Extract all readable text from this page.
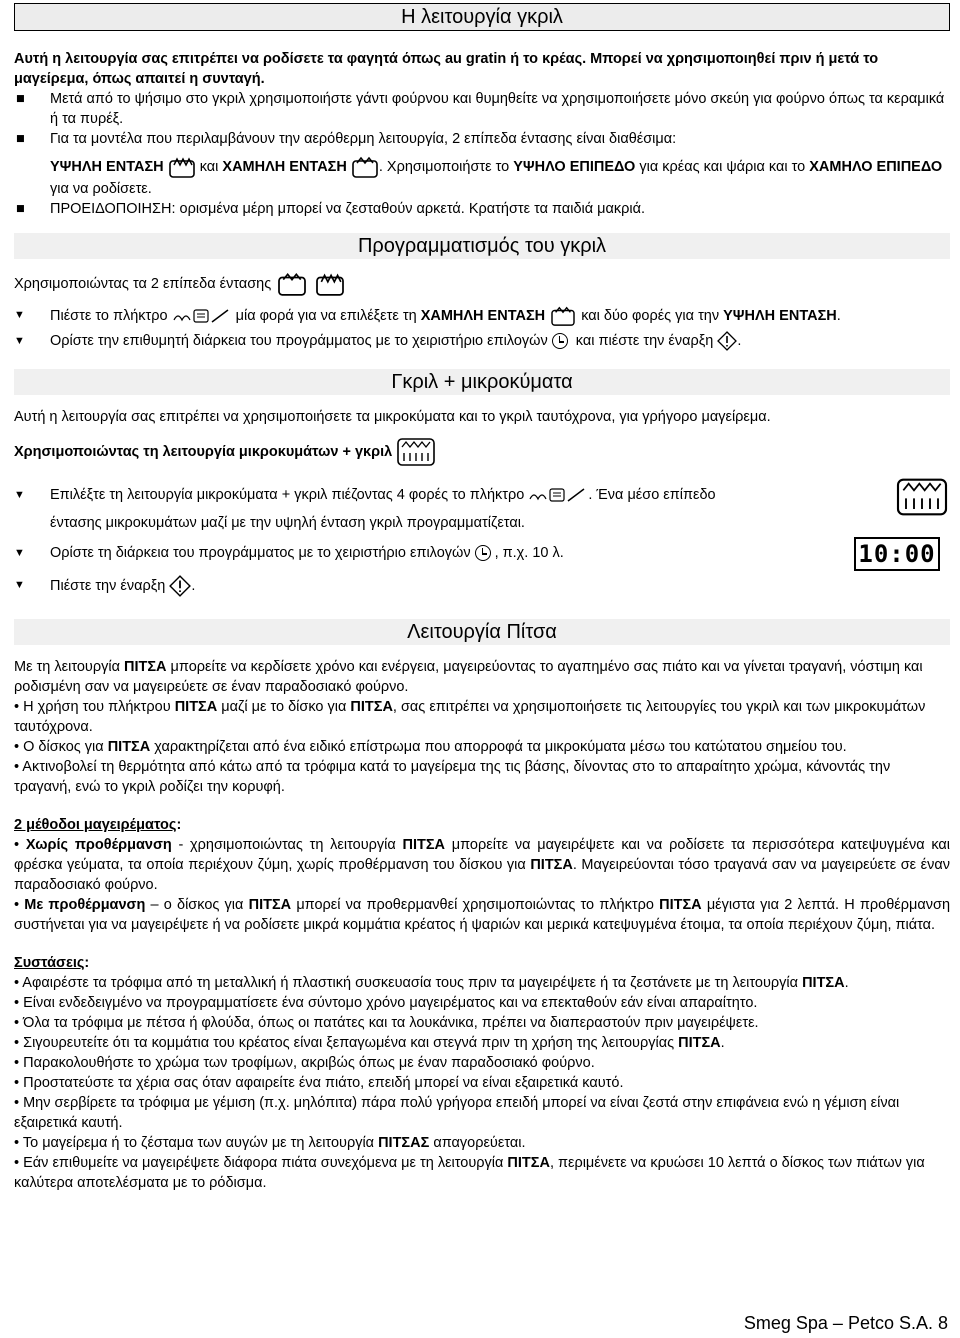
Η λειτουργία γκριλ

Αυτή η λειτουργία σας επιτρέπει να ροδίσετε τα φαγητά όπως au gratin ή το κρέας. Μπορεί να χρησιμοποιηθεί πριν ή μετά το μαγείρεμα, όπως απαιτεί η συνταγή.

■ Μετά από το ψήσιμο στο γκριλ χρησιμοποιήστε γάντι φούρνου και θυμηθείτε να χρησιμοποιήσετε μόνο σκεύη για φούρνο όπως τα κεραμικά ή τα πυρέξ.
■ Για τα μοντέλα που περιλαμβάνουν την αερόθερμη λειτουργία, 2 επίπεδα έντασης είναι διαθέσιμα:
ΥΨΗΛΗ ΕΝΤΑΣΗ και ΧΑΜΗΛΗ ΕΝΤΑΣΗ . Χρησιμοποιήστε το ΥΨΗΛΟ ΕΠΙΠΕΔΟ για κρέας και ψάρια και το ΧΑΜΗΛΟ ΕΠΙΠΕΔΟ για να ροδίσετε.
■ ΠΡΟΕΙΔΟΠΟΙΗΣΗ: ορισμένα μέρη μπορεί να ζεσταθούν αρκετά. Κρατήστε τα παιδιά μακριά.
Προγραμματισμός του γκριλ

Χρησιμοποιώντας τα 2 επίπεδα έντασης

▼ Πιέστε το πλήκτρο	μία φορά για να επιλέξετε τη ΧΑΜΗΛΗ ΕΝΤΑΣΗ και δύο φορές για την ΥΨΗΛΗ ΕΝΤΑΣΗ.
▼ Ορίστε την επιθυμητή διάρκεια του προγράμματος με το χειριστήριο επιλογών και πιέστε την έναρξη .
Γκριλ + μικροκύματα

Αυτή η λειτουργία σας επιτρέπει να χρησιμοποιήσετε τα μικροκύματα και το γκριλ ταυτόχρονα, για γρήγορο μαγείρεμα.

Χρησιμοποιώντας τη λειτουργία μικροκυμάτων + γκριλ

▼ Επιλέξτε τη λειτουργία μικροκύματα + γκριλ πιέζοντας 4 φορές το πλήκτρο	. Ένα μέσο επίπεδο

έντασης μικροκυμάτων μαζί με την υψηλή ένταση γκριλ προγραμματίζεται.

▼ Ορίστε τη διάρκεια του προγράμματος με το χειριστήριο επιλογών , π.χ. 10 λ.
▼ Πιέστε την έναρξη .
10:00
Λειτουργία Πίτσα

Με τη λειτουργία ΠΙΤΣΑ μπορείτε να κερδίσετε χρόνο και ενέργεια, μαγειρεύοντας το αγαπημένο σας πιάτο και να γίνεται τραγανή, νόστιμη και ροδισμένη σαν να μαγειρεύετε σε έναν παραδοσιακό φούρνο.

• Η χρήση του πλήκτρου ΠΙΤΣΑ μαζί με το δίσκο για ΠΙΤΣΑ, σας επιτρέπει να χρησιμοποιήσετε τις λειτουργίες του γκριλ και των μικροκυμάτων ταυτόχρονα.

• Ο δίσκος για ΠΙΤΣΑ χαρακτηρίζεται από ένα ειδικό επίστρωμα που απορροφά τα μικροκύματα μέσω του κατώτατου σημείου του.

• Ακτινοβολεί τη θερμότητα από κάτω από τα τρόφιμα κατά το μαγείρεμα της τις βάσης, δίνοντας στο το απαραίτητο χρώμα, κάνοντάς την τραγανή, ενώ το γκριλ ροδίζει την κορυφή.

2 μέθοδοι μαγειρέματος:

• Χωρίς προθέρμανση - χρησιμοποιώντας τη λειτουργία ΠΙΤΣΑ μπορείτε να μαγειρέψετε και να ροδίσετε τα περισσότερα κατεψυγμένα και φρέσκα γεύματα, τα οποία περιέχουν ζύμη, χωρίς προθέρμανση του δίσκου για ΠΙΤΣΑ. Μαγειρεύονται τόσο τραγανά σαν να μαγειρεύετε σε έναν παραδοσιακό φούρνο.

• Με προθέρμανση – ο δίσκος για ΠΙΤΣΑ μπορεί να προθερμανθεί χρησιμοποιώντας το πλήκτρο ΠΙΤΣΑ μέγιστα για 2 λεπτά. Η προθέρμανση συστήνεται για να μαγειρέψετε ή να ροδίσετε μικρά κομμάτια κρέατος ή ψαριών και μερικά κατεψυγμένα έτοιμα, τα οποία περιέχουν ζύμη, πιάτα.

Συστάσεις:

• Αφαιρέστε τα τρόφιμα από τη μεταλλική ή πλαστική συσκευασία τους πριν τα μαγειρέψετε ή τα ζεστάνετε με τη λειτουργία ΠΙΤΣΑ.

• Είναι ενδεδειγμένο να προγραμματίσετε ένα σύντομο χρόνο μαγειρέματος και να επεκταθούν εάν είναι απαραίτητο.

• Όλα τα τρόφιμα με πέτσα ή φλούδα, όπως οι πατάτες και τα λουκάνικα, πρέπει να διαπεραστούν πριν μαγειρέψετε.

• Σιγουρευτείτε ότι τα κομμάτια του κρέατος είναι ξεπαγωμένα και στεγνά πριν τη χρήση της λειτουργίας ΠΙΤΣΑ.

• Παρακολουθήστε το χρώμα των τροφίμων, ακριβώς όπως με έναν παραδοσιακό φούρνο.

• Προστατεύστε τα χέρια σας όταν αφαιρείτε ένα πιάτο, επειδή μπορεί να είναι εξαιρετικά καυτό.

• Μην σερβίρετε τα τρόφιμα με γέμιση (π.χ. μηλόπιτα) πάρα πολύ γρήγορα επειδή μπορεί να είναι ζεστά στην επιφάνεια ενώ η γέμιση είναι εξαιρετικά καυτή.

• Το μαγείρεμα ή το ζέσταμα των αυγών με τη λειτουργία ΠΙΤΣΑΣ απαγορεύεται.

• Εάν επιθυμείτε να μαγειρέψετε διάφορα πιάτα συνεχόμενα με τη λειτουργία ΠΙΤΣΑ, περιμένετε να κρυώσει 10 λεπτά ο δίσκος των πιάτων για καλύτερα αποτελέσματα με το ρόδισμα.

Smeg Spa – Petco S.A. 8
